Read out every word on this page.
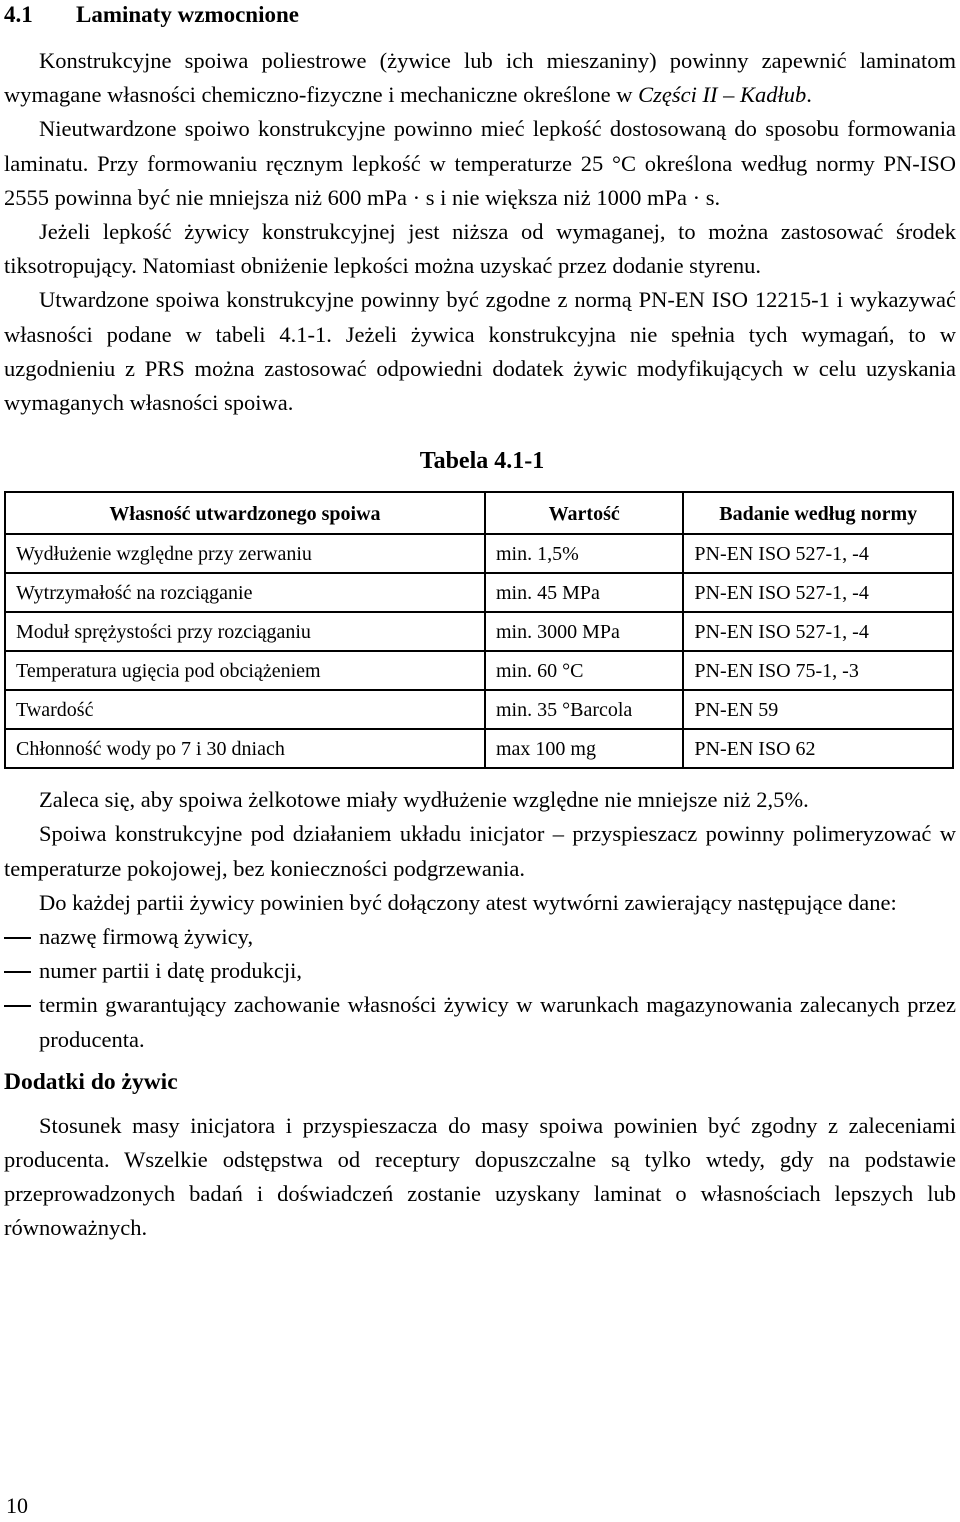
4.1 Laminaty wzmocnione

Konstrukcyjne spoiwa poliestrowe (żywice lub ich mieszaniny) powinny zapewnić laminatom wymagane własności chemiczno-fizyczne i mechaniczne określone w Części II – Kadłub.

Nieutwardzone spoiwo konstrukcyjne powinno mieć lepkość dostosowaną do sposobu formowania laminatu. Przy formowaniu ręcznym lepkość w temperaturze 25 °C określona według normy PN-ISO 2555 powinna być nie mniejsza niż 600 mPa · s i nie większa niż 1000 mPa · s.

Jeżeli lepkość żywicy konstrukcyjnej jest niższa od wymaganej, to można zastosować środek tiksotropujący. Natomiast obniżenie lepkości można uzyskać przez dodanie styrenu.

Utwardzone spoiwa konstrukcyjne powinny być zgodne z normą PN-EN ISO 12215-1 i wykazywać własności podane w tabeli 4.1-1. Jeżeli żywica konstrukcyjna nie spełnia tych wymagań, to w uzgodnieniu z PRS można zastosować odpowiedni dodatek żywic modyfikujących w celu uzyskania wymaganych własności spoiwa.

Tabela 4.1-1
Własność utwardzonego spoiwa	Wartość	Badanie według normy
Wydłużenie względne przy zerwaniu	min. 1,5%	PN-EN ISO 527-1, -4
Wytrzymałość na rozciąganie	min. 45 MPa	PN-EN ISO 527-1, -4
Moduł sprężystości przy rozciąganiu	min. 3000 MPa	PN-EN ISO 527-1, -4
Temperatura ugięcia pod obciążeniem	min. 60 °C	PN-EN ISO 75-1, -3
Twardość	min. 35 °Barcola	PN-EN 59
Chłonność wody po 7 i 30 dniach	max 100 mg	PN-EN ISO 62

Zaleca się, aby spoiwa żelkotowe miały wydłużenie względne nie mniejsze niż 2,5%.

Spoiwa konstrukcyjne pod działaniem układu inicjator – przyspieszacz powinny polimeryzować w temperaturze pokojowej, bez konieczności podgrzewania.

Do każdej partii żywicy powinien być dołączony atest wytwórni zawierający następujące dane:

nazwę firmową żywicy,
numer partii i datę produkcji,
termin gwarantujący zachowanie własności żywicy w warunkach magazynowania zalecanych przez producenta.
Dodatki do żywic

Stosunek masy inicjatora i przyspieszacza do masy spoiwa powinien być zgodny z zaleceniami producenta. Wszelkie odstępstwa od receptury dopuszczalne są tylko wtedy, gdy na podstawie przeprowadzonych badań i doświadczeń zostanie uzyskany laminat o własnościach lepszych lub równoważnych.

10
